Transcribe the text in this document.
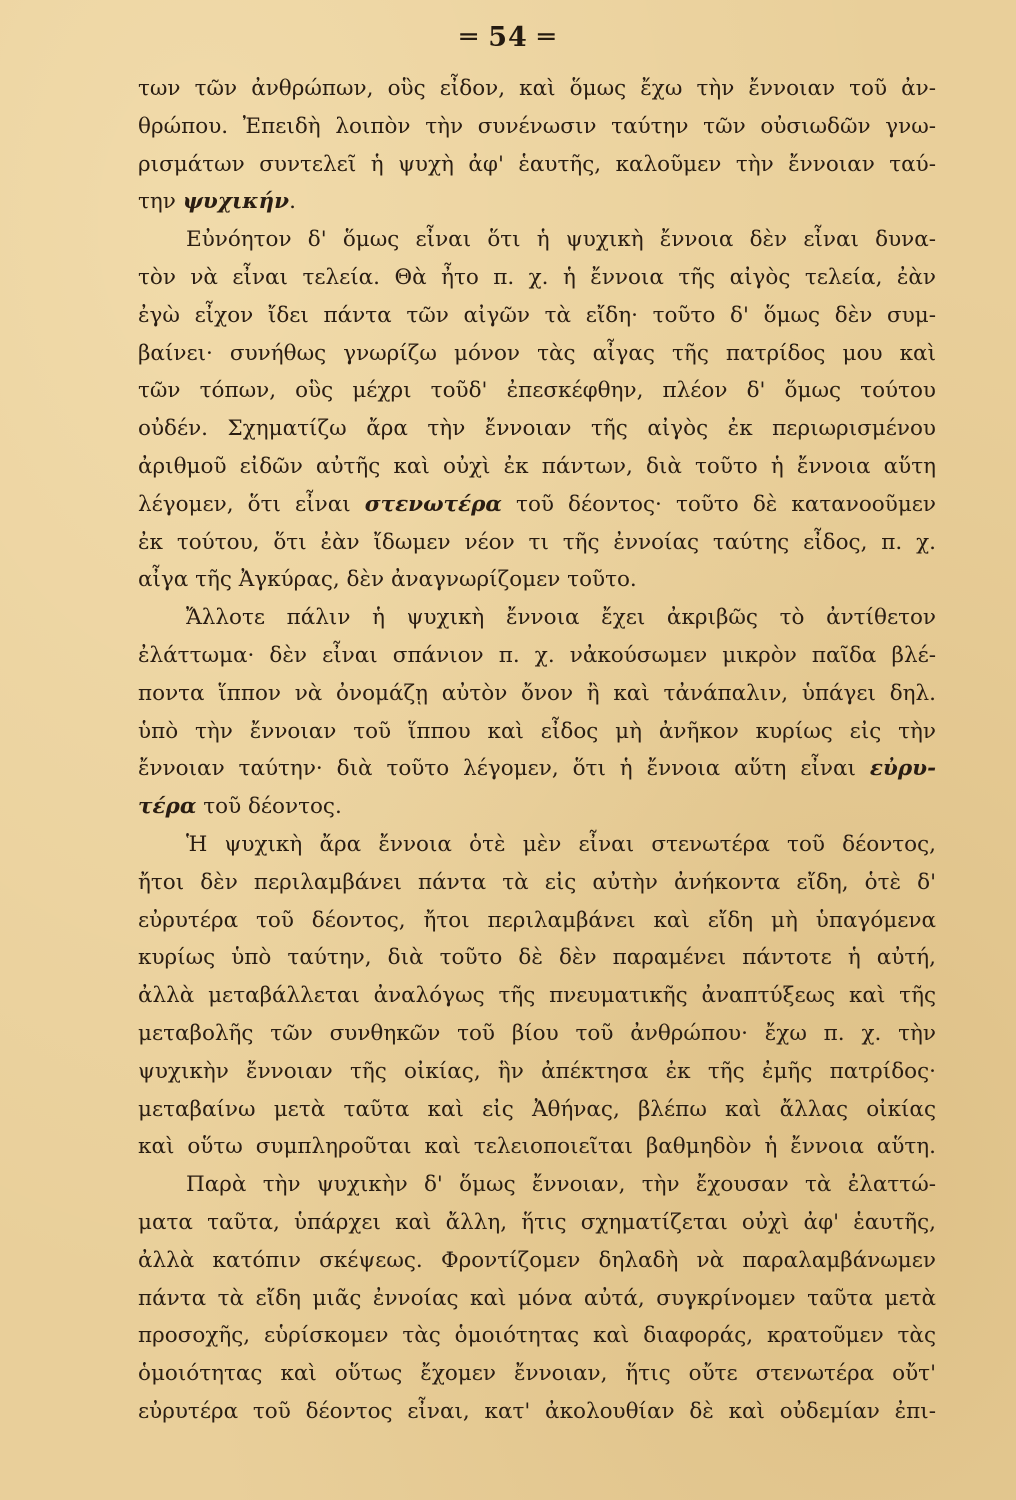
═ 54 ═
των τῶν ἀνθρώπων, οὓς εἶδον, καὶ ὅμως ἔχω τὴν ἔννοιαν τοῦ ἀν-
θρώπου. Ἐπειδὴ λοιπὸν τὴν συνένωσιν ταύτην τῶν οὐσιωδῶν γνω-
ρισμάτων συντελεῖ ἡ ψυχὴ ἀφ' ἑαυτῆς, καλοῦμεν τὴν ἔννοιαν ταύ-
την ψυχικήν.
Εὐνόητον δ' ὅμως εἶναι ὅτι ἡ ψυχικὴ ἔννοια δὲν εἶναι δυνα-
τὸν νὰ εἶναι τελεία. Θὰ ἦτο π. χ. ἡ ἔννοια τῆς αἰγὸς τελεία, ἐὰν
ἐγὼ εἶχον ἴδει πάντα τῶν αἰγῶν τὰ εἴδη· τοῦτο δ' ὅμως δὲν συμ-
βαίνει· συνήθως γνωρίζω μόνον τὰς αἶγας τῆς πατρίδος μου καὶ
τῶν τόπων, οὓς μέχρι τοῦδ' ἐπεσκέφθην, πλέον δ' ὅμως τούτου
οὐδέν. Σχηματίζω ἄρα τὴν ἔννοιαν τῆς αἰγὸς ἐκ περιωρισμένου
ἀριθμοῦ εἰδῶν αὐτῆς καὶ οὐχὶ ἐκ πάντων, διὰ τοῦτο ἡ ἔννοια αὕτη
λέγομεν, ὅτι εἶναι στενωτέρα τοῦ δέοντος· τοῦτο δὲ κατανοοῦμεν
ἐκ τούτου, ὅτι ἐὰν ἴδωμεν νέον τι τῆς ἐννοίας ταύτης εἶδος, π. χ.
αἶγα τῆς Ἀγκύρας, δὲν ἀναγνωρίζομεν τοῦτο.
Ἄλλοτε πάλιν ἡ ψυχικὴ ἔννοια ἔχει ἀκριβῶς τὸ ἀντίθετον
ἐλάττωμα· δὲν εἶναι σπάνιον π. χ. νἀκούσωμεν μικρὸν παῖδα βλέ-
ποντα ἵππον νὰ ὀνομάζῃ αὐτὸν ὄνον ἢ καὶ τἀνάπαλιν, ὑπάγει δηλ.
ὑπὸ τὴν ἔννοιαν τοῦ ἵππου καὶ εἶδος μὴ ἀνῆκον κυρίως εἰς τὴν
ἔννοιαν ταύτην· διὰ τοῦτο λέγομεν, ὅτι ἡ ἔννοια αὕτη εἶναι εὐρυ-
τέρα τοῦ δέοντος.
Ἡ ψυχικὴ ἄρα ἔννοια ὁτὲ μὲν εἶναι στενωτέρα τοῦ δέοντος,
ἤτοι δὲν περιλαμβάνει πάντα τὰ εἰς αὐτὴν ἀνήκοντα εἴδη, ὁτὲ δ'
εὐρυτέρα τοῦ δέοντος, ἤτοι περιλαμβάνει καὶ εἴδη μὴ ὑπαγόμενα
κυρίως ὑπὸ ταύτην, διὰ τοῦτο δὲ δὲν παραμένει πάντοτε ἡ αὐτή,
ἀλλὰ μεταβάλλεται ἀναλόγως τῆς πνευματικῆς ἀναπτύξεως καὶ τῆς
μεταβολῆς τῶν συνθηκῶν τοῦ βίου τοῦ ἀνθρώπου· ἔχω π. χ. τὴν
ψυχικὴν ἔννοιαν τῆς οἰκίας, ἣν ἀπέκτησα ἐκ τῆς ἐμῆς πατρίδος·
μεταβαίνω μετὰ ταῦτα καὶ εἰς Ἀθήνας, βλέπω καὶ ἄλλας οἰκίας
καὶ οὕτω συμπληροῦται καὶ τελειοποιεῖται βαθμηδὸν ἡ ἔννοια αὕτη.
Παρὰ τὴν ψυχικὴν δ' ὅμως ἔννοιαν, τὴν ἔχουσαν τὰ ἐλαττώ-
ματα ταῦτα, ὑπάρχει καὶ ἄλλη, ἥτις σχηματίζεται οὐχὶ ἀφ' ἑαυτῆς,
ἀλλὰ κατόπιν σκέψεως. Φροντίζομεν δηλαδὴ νὰ παραλαμβάνωμεν
πάντα τὰ εἴδη μιᾶς ἐννοίας καὶ μόνα αὐτά, συγκρίνομεν ταῦτα μετὰ
προσοχῆς, εὑρίσκομεν τὰς ὁμοιότητας καὶ διαφοράς, κρατοῦμεν τὰς
ὁμοιότητας καὶ οὕτως ἔχομεν ἔννοιαν, ἥτις οὔτε στενωτέρα οὔτ'
εὐρυτέρα τοῦ δέοντος εἶναι, κατ' ἀκολουθίαν δὲ καὶ οὐδεμίαν ἐπι-
